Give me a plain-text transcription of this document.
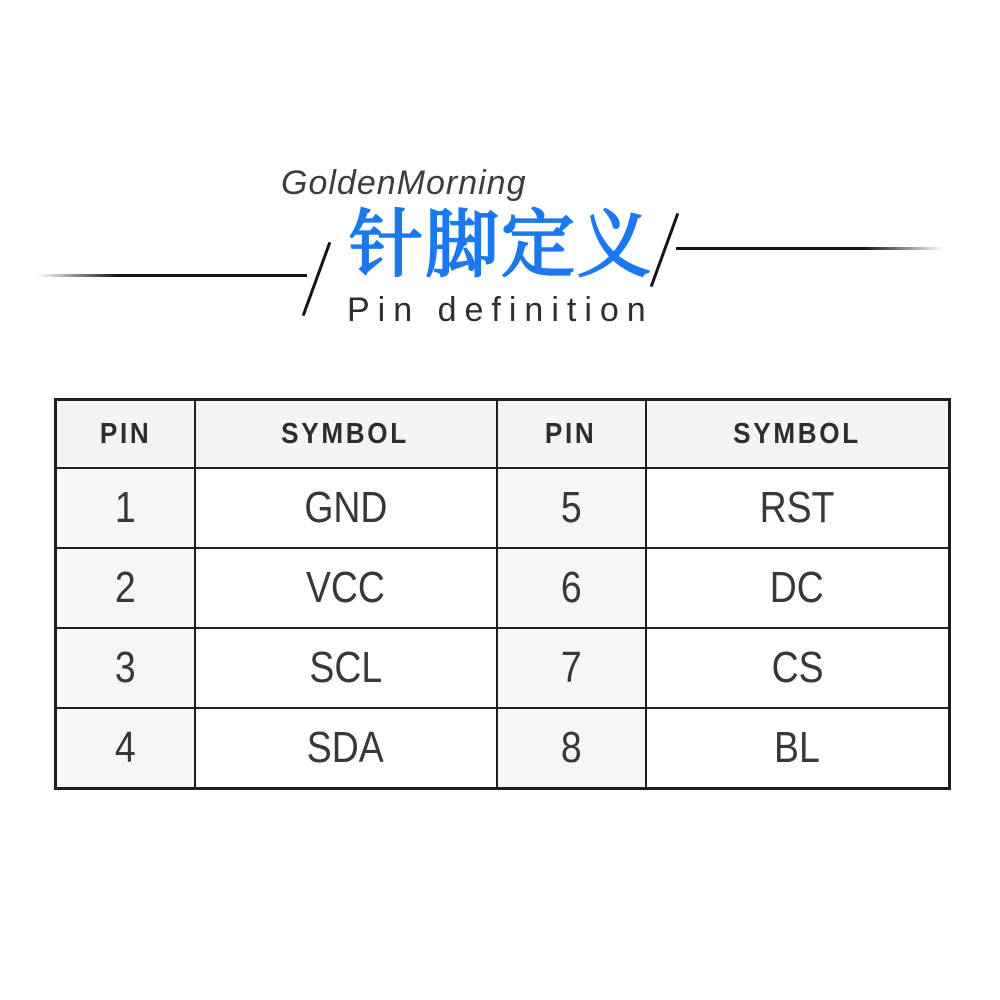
GoldenMorning
针脚定义
Pin definition
PIN	SYMBOL	PIN	SYMBOL
1	GND	5	RST
2	VCC	6	DC
3	SCL	7	CS
4	SDA	8	BL
